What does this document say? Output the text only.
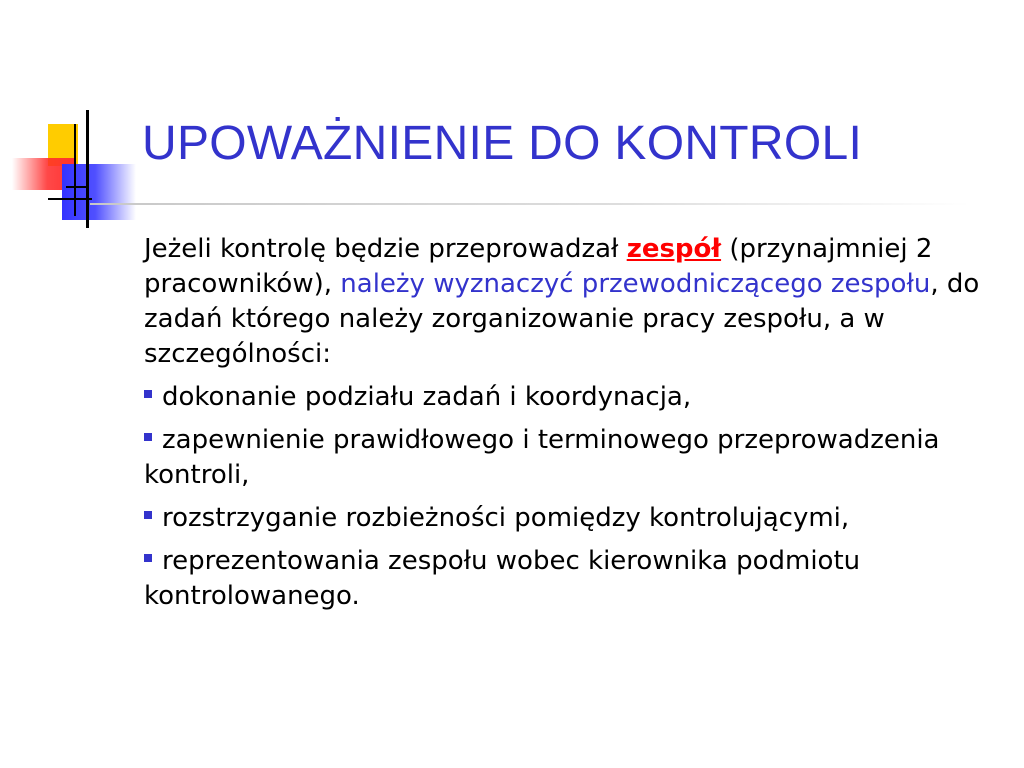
UPOWAŻNIENIE DO KONTROLI

Jeżeli kontrolę będzie przeprowadzał zespół (przynajmniej 2 pracowników), należy wyznaczyć przewodniczącego zespołu, do zadań którego należy zorganizowanie pracy zespołu, a w szczególności:

dokonanie podziału zadań i koordynacja,

zapewnienie prawidłowego i terminowego przeprowadzenia kontroli,

rozstrzyganie rozbieżności pomiędzy kontrolującymi,

reprezentowania zespołu wobec kierownika podmiotu kontrolowanego.
